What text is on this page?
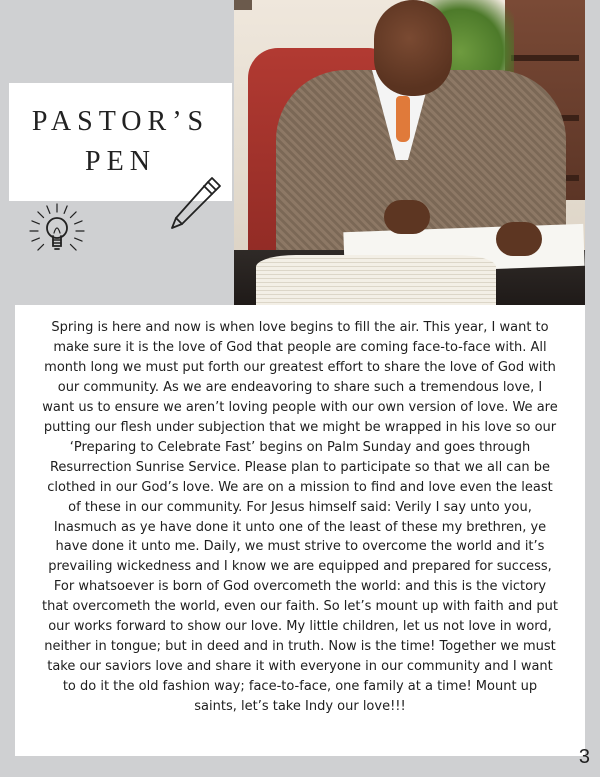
PASTOR’S
PEN

Spring is here and now is when love begins to fill the air. This year, I want to make sure it is the love of God that people are coming face-to-face with. All month long we must put forth our greatest effort to share the love of God with our community. As we are endeavoring to share such a tremendous love, I want us to ensure we aren’t loving people with our own version of love. We are putting our flesh under subjection that we might be wrapped in his love so our ‘Preparing to Celebrate Fast’ begins on Palm Sunday and goes through Resurrection Sunrise Service. Please plan to participate so that we all can be clothed in our God’s love. We are on a mission to find and love even the least of these in our community. For Jesus himself said: Verily I say unto you, Inasmuch as ye have done it unto one of the least of these my brethren, ye have done it unto me. Daily, we must strive to overcome the world and it’s prevailing wickedness and I know we are equipped and prepared for success, For whatsoever is born of God overcometh the world: and this is the victory that overcometh the world, even our faith. So let’s mount up with faith and put our works forward to show our love. My little children, let us not love in word, neither in tongue; but in deed and in truth. Now is the time! Together we must take our saviors love and share it with everyone in our community and I want to do it the old fashion way; face-to-face, one family at a time! Mount up saints, let’s take Indy our love!!!

3
